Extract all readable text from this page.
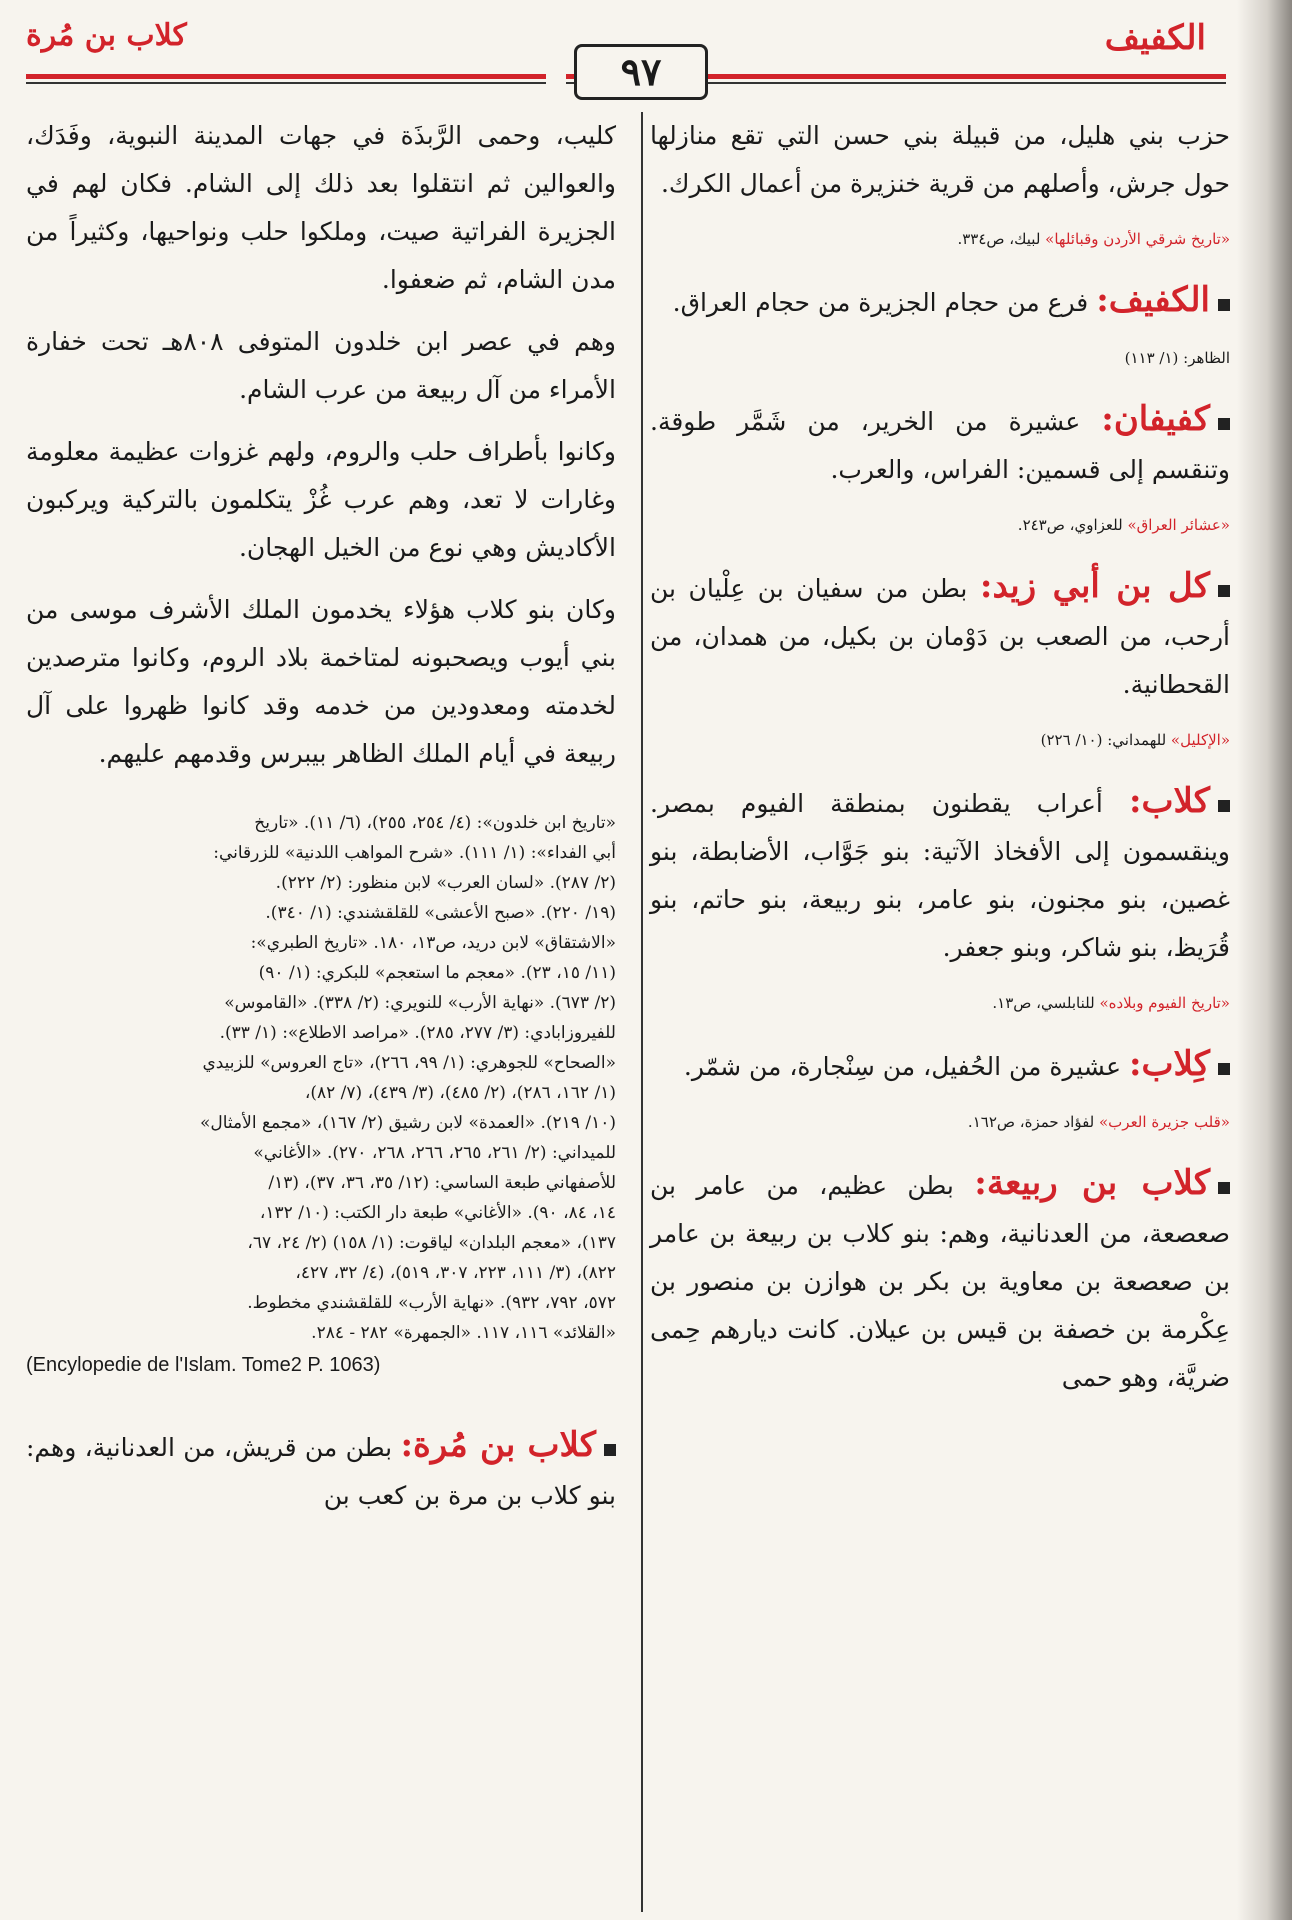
الكفيف
كلاب بن مُرة
٩٧

حزب بني هليل، من قبيلة بني حسن التي تقع منازلها حول جرش، وأصلهم من قرية خنزيرة من أعمال الكرك.

«تاريخ شرقي الأردن وقبائلها» لبيك، ص٣٣٤.

الكفيف: فرع من حجام الجزيرة من حجام العراق.

الظاهر: (١/ ١١٣)

كفيفان: عشيرة من الخرير، من شَمَّر طوقة. وتنقسم إلى قسمين: الفراس، والعرب.

«عشائر العراق» للعزاوي، ص٢٤٣.

كل بن أبي زيد: بطن من سفيان بن عِلْيان بن أرحب، من الصعب بن دَوْمان بن بكيل، من همدان، من القحطانية.

«الإكليل» للهمداني: (١٠/ ٢٢٦)

كلاب: أعراب يقطنون بمنطقة الفيوم بمصر. وينقسمون إلى الأفخاذ الآتية: بنو جَوَّاب، الأضابطة، بنو غصين، بنو مجنون، بنو عامر، بنو ربيعة، بنو حاتم، بنو قُرَيظ، بنو شاكر، وبنو جعفر.

«تاريخ الفيوم وبلاده» للنابلسي، ص١٣.

كِلاب: عشيرة من الحُفيل، من سِنْجارة، من شمّر.

«قلب جزيرة العرب» لفؤاد حمزة، ص١٦٢.

كلاب بن ربيعة: بطن عظيم، من عامر بن صعصعة، من العدنانية، وهم: بنو كلاب بن ربيعة بن عامر بن صعصعة بن معاوية بن بكر بن هوازن بن منصور بن عِكْرمة بن خصفة بن قيس بن عيلان. كانت ديارهم حِمى ضريَّة، وهو حمى

كليب، وحمى الرَّبذَة في جهات المدينة النبوية، وفَدَك، والعوالين ثم انتقلوا بعد ذلك إلى الشام. فكان لهم في الجزيرة الفراتية صيت، وملكوا حلب ونواحيها، وكثيراً من مدن الشام، ثم ضعفوا.

وهم في عصر ابن خلدون المتوفى ٨٠٨هـ تحت خفارة الأمراء من آل ربيعة من عرب الشام.

وكانوا بأطراف حلب والروم، ولهم غزوات عظيمة معلومة وغارات لا تعد، وهم عرب غُزْ يتكلمون بالتركية ويركبون الأكاديش وهي نوع من الخيل الهجان.

وكان بنو كلاب هؤلاء يخدمون الملك الأشرف موسى من بني أيوب ويصحبونه لمتاخمة بلاد الروم، وكانوا مترصدين لخدمته ومعدودين من خدمه وقد كانوا ظهروا على آل ربيعة في أيام الملك الظاهر بيبرس وقدمهم عليهم.

«تاريخ ابن خلدون»: (٤/ ٢٥٤، ٢٥٥)، (٦/ ١١). «تاريخ
أبي الفداء»: (١/ ١١١). «شرح المواهب اللدنية» للزرقاني:
(٢/ ٢٨٧). «لسان العرب» لابن منظور: (٢/ ٢٢٢).
(١٩/ ٢٢٠). «صبح الأعشى» للقلقشندي: (١/ ٣٤٠).
«الاشتقاق» لابن دريد، ص١٣، ١٨٠. «تاريخ الطبري»:
(١١/ ١٥، ٢٣). «معجم ما استعجم» للبكري: (١/ ٩٠)
(٢/ ٦٧٣). «نهاية الأرب» للنويري: (٢/ ٣٣٨). «القاموس»
للفيروزابادي: (٣/ ٢٧٧، ٢٨٥). «مراصد الاطلاع»: (١/ ٣٣).
«الصحاح» للجوهري: (١/ ٩٩، ٢٦٦)، «تاج العروس» للزبيدي
(١/ ١٦٢، ٢٨٦)، (٢/ ٤٨٥)، (٣/ ٤٣٩)، (٧/ ٨٢)،
(١٠/ ٢١٩). «العمدة» لابن رشيق (٢/ ١٦٧)، «مجمع الأمثال»
للميداني: (٢/ ٢٦١، ٢٦٥، ٢٦٦، ٢٦٨، ٢٧٠). «الأغاني»
للأصفهاني طبعة الساسي: (١٢/ ٣٥، ٣٦، ٣٧)، (١٣/
١٤، ٨٤، ٩٠). «الأغاني» طبعة دار الكتب: (١٠/ ١٣٢،
١٣٧)، «معجم البلدان» لياقوت: (١/ ١٥٨) (٢/ ٢٤، ٦٧،
٨٢٢)، (٣/ ١١١، ٢٢٣، ٣٠٧، ٥١٩)، (٤/ ٣٢، ٤٢٧،
٥٧٢، ٧٩٢، ٩٣٢). «نهاية الأرب» للقلقشندي مخطوط.
«القلائد» ١١٦، ١١٧. «الجمهرة» ٢٨٢ - ٢٨٤.
(Encylopedie de l'Islam. Tome2 P. 1063)

كلاب بن مُرة: بطن من قريش، من العدنانية، وهم: بنو كلاب بن مرة بن كعب بن
